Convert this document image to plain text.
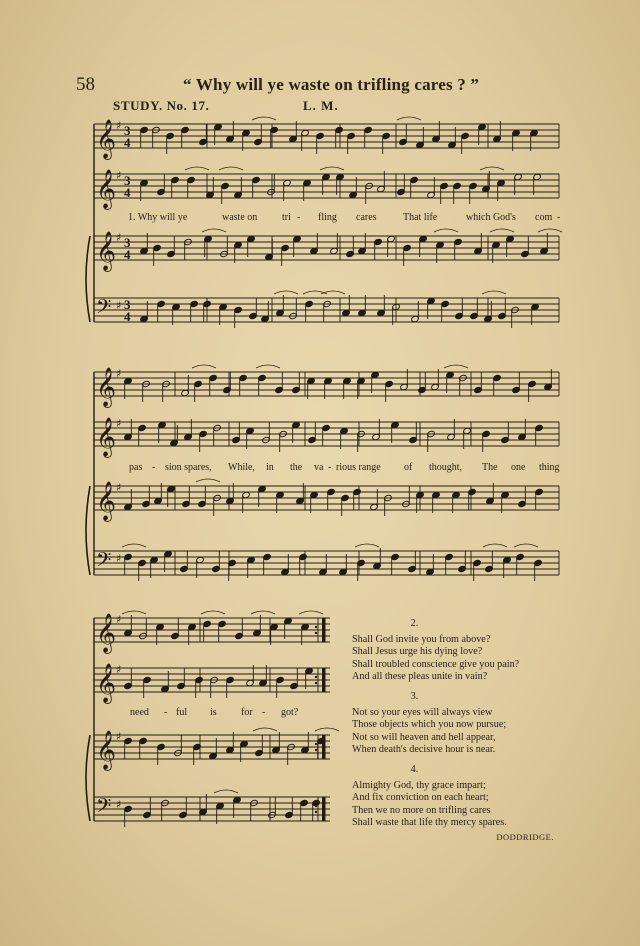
58	“ Why will ye waste on trifling cares ? ”
STUDY. No. 17.	L. M.
𝄞 ♯ 3
4
𝄞 ♯ 3
4
𝄞 ♯ 3
4
𝄢 ♯ 3
4
𝄞 ♯
𝄞 ♯
𝄞 ♯
𝄢 ♯
𝄞 ♯
𝄞 ♯
𝄞 ♯
𝄢 ♯
1. Why will ye	waste on tri - fling cares	That life	which God's com -
pas - sion spares, While, in the va - rious range of thought, The one thing
need - ful is for - got?
2.
Shall God invite you from above?
Shall Jesus urge his dying love?
Shall troubled conscience give you pain?
And all these pleas unite in vain?
3.
Not so your eyes will always view
Those objects which you now pursue;
Not so will heaven and hell appear,
When death's decisive hour is near.
4.
Almighty God, thy grace impart;
And fix conviction on each heart;
Then we no more on trifling cares
Shall waste that life thy mercy spares.
DODDRIDGE.
